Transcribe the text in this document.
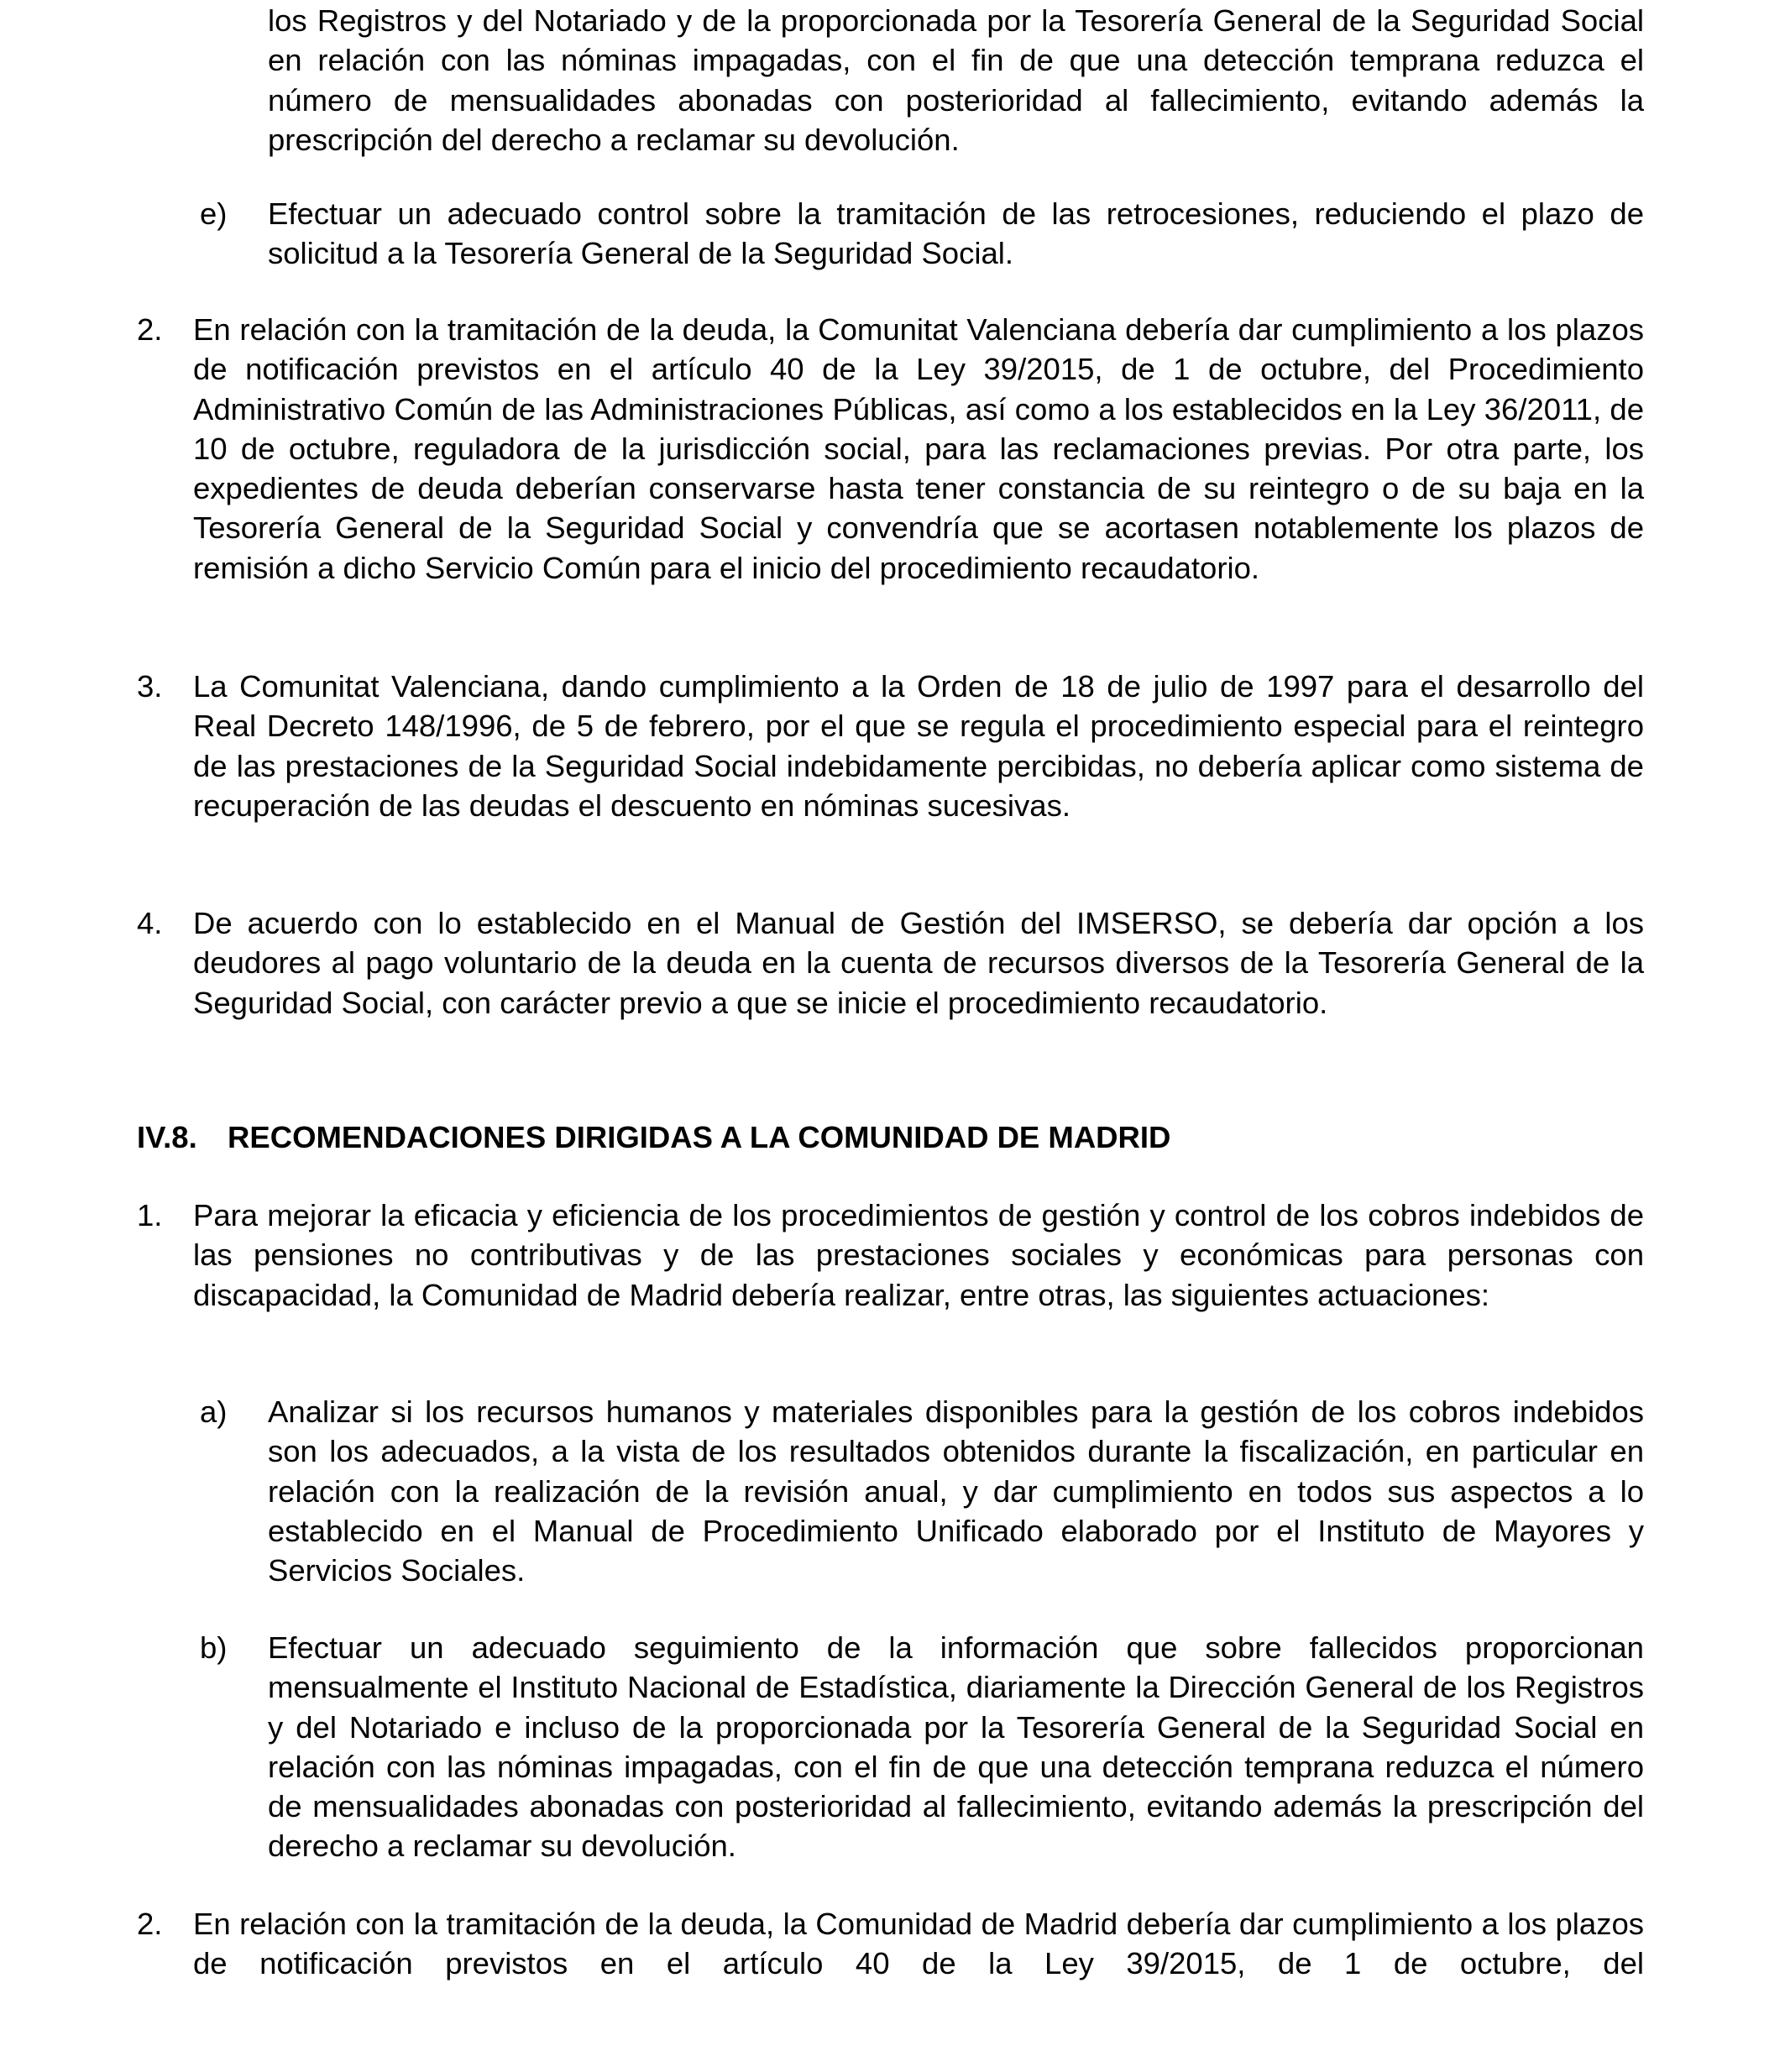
los Registros y del Notariado y de la proporcionada por la Tesorería General de la Seguridad Social en relación con las nóminas impagadas, con el fin de que una detección temprana reduzca el número de mensualidades abonadas con posterioridad al fallecimiento, evitando además la prescripción del derecho a reclamar su devolución.

e) Efectuar un adecuado control sobre la tramitación de las retrocesiones, reduciendo el plazo de solicitud a la Tesorería General de la Seguridad Social.

2. En relación con la tramitación de la deuda, la Comunitat Valenciana debería dar cumplimiento a los plazos de notificación previstos en el artículo 40 de la Ley 39/2015, de 1 de octubre, del Procedimiento Administrativo Común de las Administraciones Públicas, así como a los establecidos en la Ley 36/2011, de 10 de octubre, reguladora de la jurisdicción social, para las reclamaciones previas. Por otra parte, los expedientes de deuda deberían conservarse hasta tener constancia de su reintegro o de su baja en la Tesorería General de la Seguridad Social y convendría que se acortasen notablemente los plazos de remisión a dicho Servicio Común para el inicio del procedimiento recaudatorio.

3. La Comunitat Valenciana, dando cumplimiento a la Orden de 18 de julio de 1997 para el desarrollo del Real Decreto 148/1996, de 5 de febrero, por el que se regula el procedimiento especial para el reintegro de las prestaciones de la Seguridad Social indebidamente percibidas, no debería aplicar como sistema de recuperación de las deudas el descuento en nóminas sucesivas.

4. De acuerdo con lo establecido en el Manual de Gestión del IMSERSO, se debería dar opción a los deudores al pago voluntario de la deuda en la cuenta de recursos diversos de la Tesorería General de la Seguridad Social, con carácter previo a que se inicie el procedimiento recaudatorio.

IV.8. RECOMENDACIONES DIRIGIDAS A LA COMUNIDAD DE MADRID

1. Para mejorar la eficacia y eficiencia de los procedimientos de gestión y control de los cobros indebidos de las pensiones no contributivas y de las prestaciones sociales y económicas para personas con discapacidad, la Comunidad de Madrid debería realizar, entre otras, las siguientes actuaciones:

a) Analizar si los recursos humanos y materiales disponibles para la gestión de los cobros indebidos son los adecuados, a la vista de los resultados obtenidos durante la fiscalización, en particular en relación con la realización de la revisión anual, y dar cumplimiento en todos sus aspectos a lo establecido en el Manual de Procedimiento Unificado elaborado por el Instituto de Mayores y Servicios Sociales.

b) Efectuar un adecuado seguimiento de la información que sobre fallecidos proporcionan mensualmente el Instituto Nacional de Estadística, diariamente la Dirección General de los Registros y del Notariado e incluso de la proporcionada por la Tesorería General de la Seguridad Social en relación con las nóminas impagadas, con el fin de que una detección temprana reduzca el número de mensualidades abonadas con posterioridad al fallecimiento, evitando además la prescripción del derecho a reclamar su devolución.

2. En relación con la tramitación de la deuda, la Comunidad de Madrid debería dar cumplimiento a los plazos de notificación previstos en el artículo 40 de la Ley 39/2015, de 1 de octubre, del
